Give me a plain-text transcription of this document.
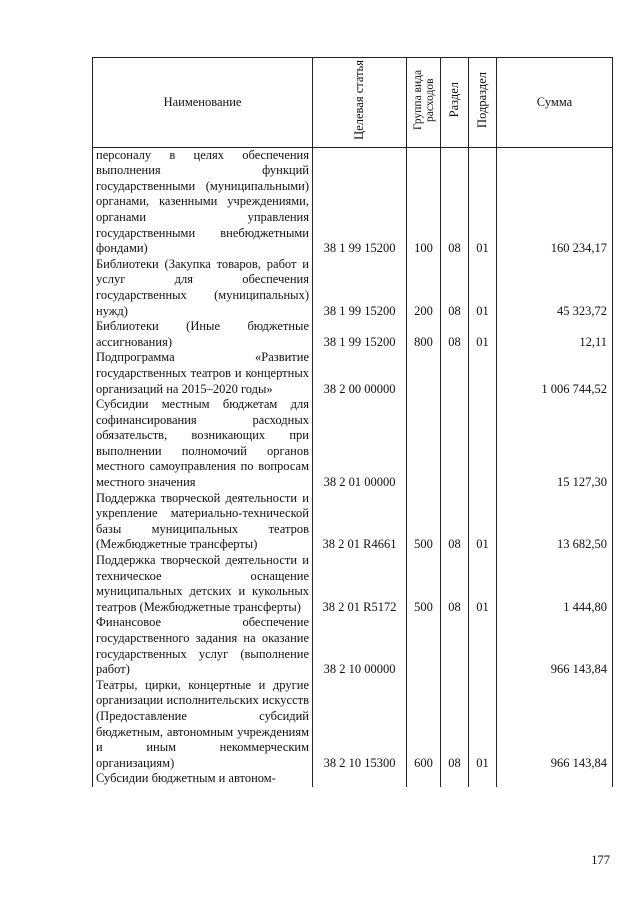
Наименование	Целевая статья	Группа вида расходов	Раздел	Подраздел	Сумма
персоналу в целях обеспечения выполнения функций государственными (муниципальными) органами, казенными учреждениями, органами управления государственными внебюджетными фондами)	38 1 99 15200	100	08	01	160 234,17
Библиотеки (Закупка товаров, работ и услуг для обеспечения государственных (муниципальных) нужд)	38 1 99 15200	200	08	01	45 323,72
Библиотеки (Иные бюджетные ассигнования)	38 1 99 15200	800	08	01	12,11
Подпрограмма «Развитие государственных театров и концертных организаций на 2015–2020 годы»	38 2 00 00000				1 006 744,52
Субсидии местным бюджетам для софинансирования расходных обязательств, возникающих при выполнении полномочий органов местного самоуправления по вопросам местного значения	38 2 01 00000				15 127,30
Поддержка творческой деятельности и укрепление материально-технической базы муниципальных театров (Межбюджетные трансферты)	38 2 01 R4661	500	08	01	13 682,50
Поддержка творческой деятельности и техническое оснащение муниципальных детских и кукольных театров (Межбюджетные трансферты)	38 2 01 R5172	500	08	01	1 444,80
Финансовое обеспечение государственного задания на оказание государственных услуг (выполнение работ)	38 2 10 00000				966 143,84
Театры, цирки, концертные и другие организации исполнительских искусств (Предоставление субсидий бюджетным, автономным учреждениям и иным некоммерческим организациям)	38 2 10 15300	600	08	01	966 143,84
Субсидии бюджетным и автоном-					
177
